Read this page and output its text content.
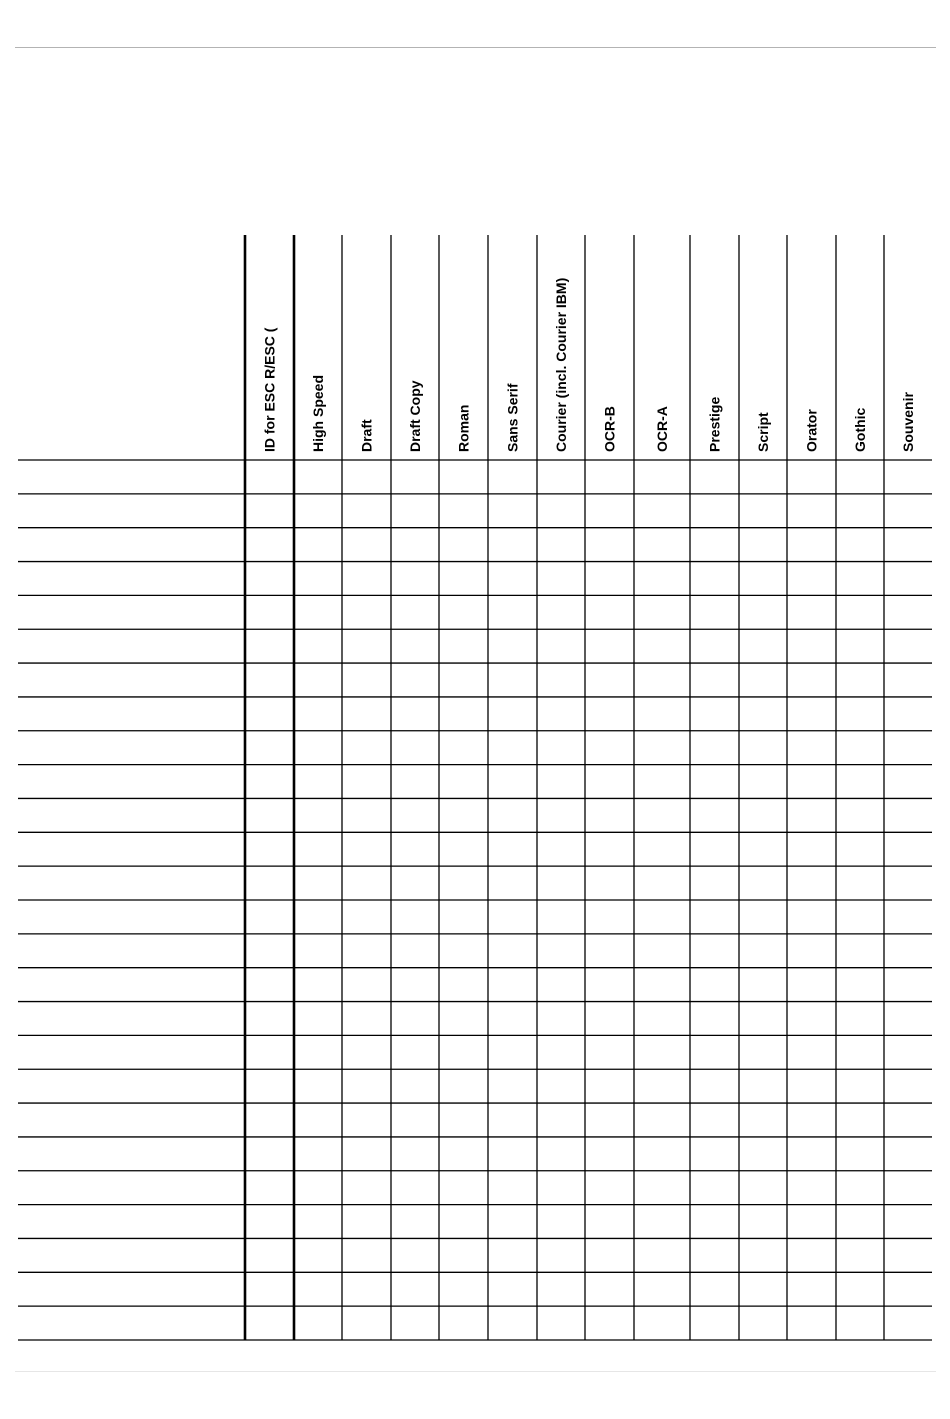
ID for ESC R/ESC ( High Speed Draft Draft Copy Roman Sans Serif Courier (incl. Courier IBM) OCR-B	OCR-A	Prestige Script Orator Gothic Souvenir
